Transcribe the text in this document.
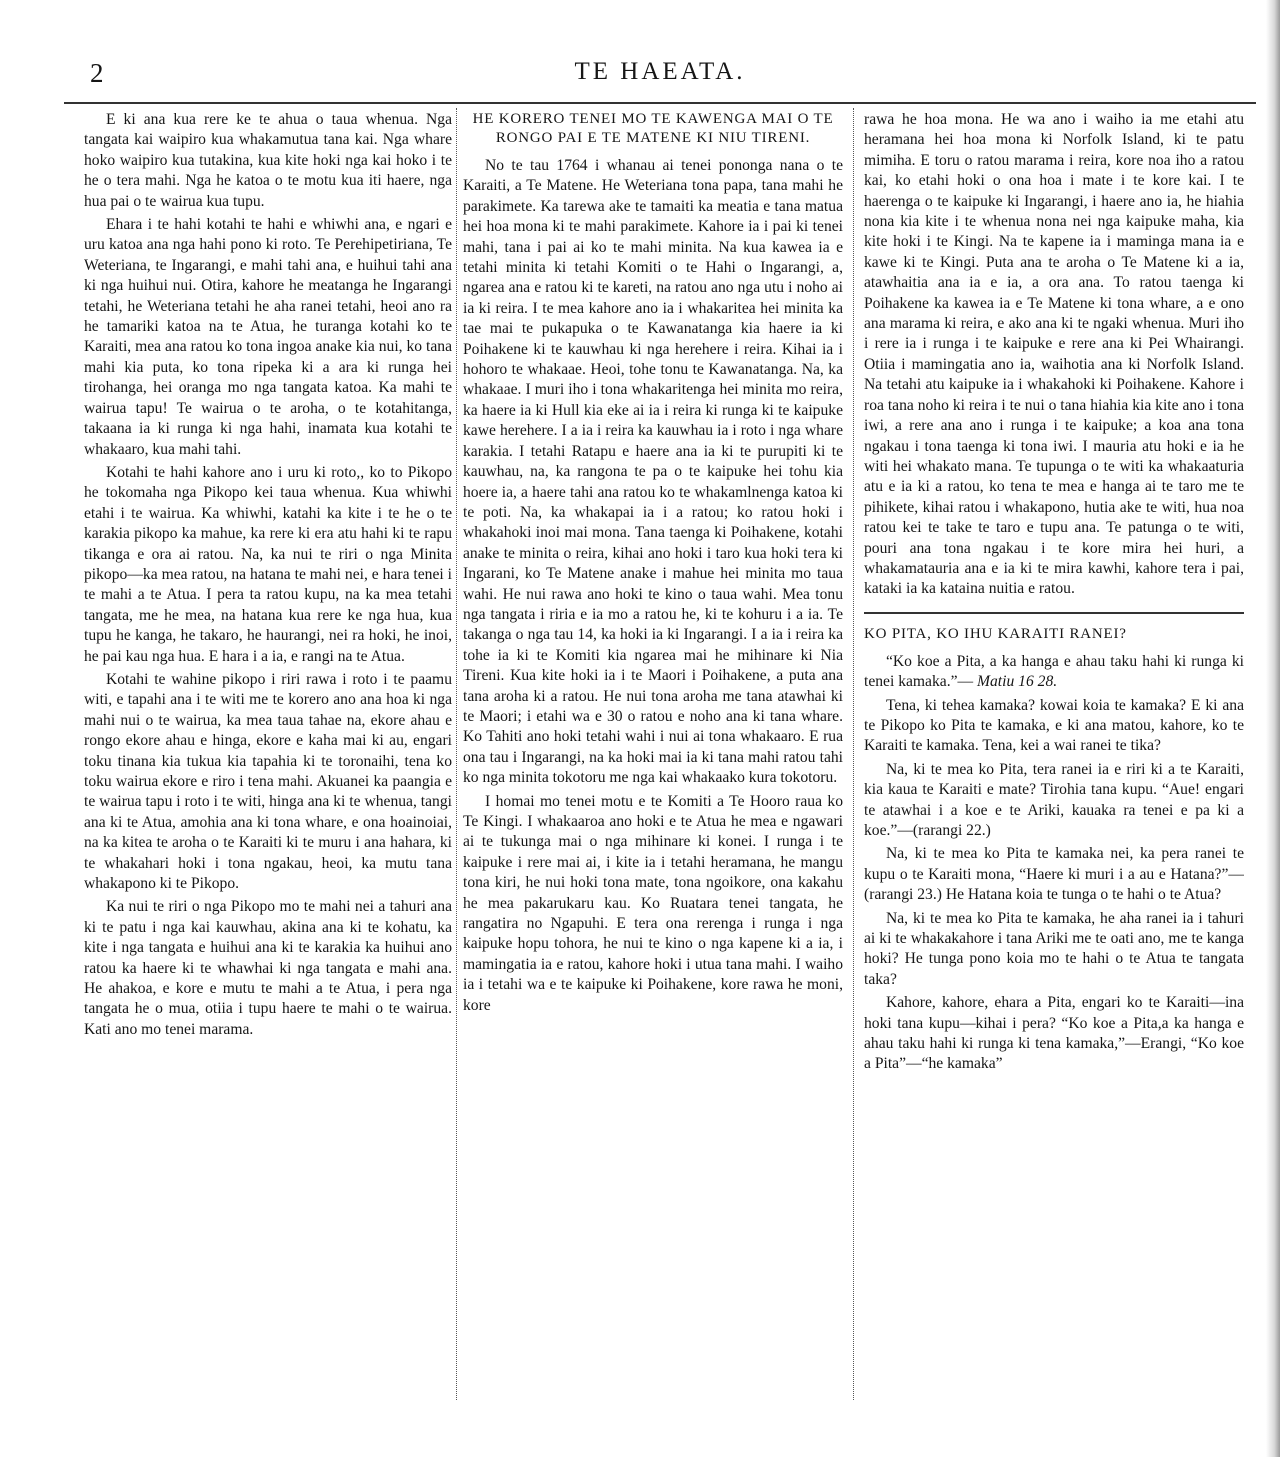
2	TE HAEATA.

E ki ana kua rere ke te ahua o taua whenua. Nga tangata kai waipiro kua whakamutua tana kai. Nga whare hoko waipiro kua tutakina, kua kite hoki nga kai hoko i te he o tera mahi. Nga he katoa o te motu kua iti haere, nga hua pai o te wairua kua tupu.

Ehara i te hahi kotahi te hahi e whiwhi ana, e ngari e uru katoa ana nga hahi pono ki roto. Te Perehipetiriana, Te Weteriana, te Ingarangi, e mahi tahi ana, e huihui tahi ana ki nga huihui nui. Otira, kahore he meatanga he Ingarangi tetahi, he Weteriana tetahi he aha ranei tetahi, heoi ano ra he tamariki katoa na te Atua, he turanga kotahi ko te Karaiti, mea ana ratou ko tona ingoa anake kia nui, ko tana mahi kia puta, ko tona ripeka ki a ara ki runga hei tirohanga, hei oranga mo nga tangata katoa. Ka mahi te wairua tapu! Te wairua o te aroha, o te kotahitanga, takaana ia ki runga ki nga hahi, inamata kua kotahi te whakaaro, kua mahi tahi.

Kotahi te hahi kahore ano i uru ki roto,, ko to Pikopo he tokomaha nga Pikopo kei taua whenua. Kua whiwhi etahi i te wairua. Ka whiwhi, katahi ka kite i te he o te karakia pikopo ka mahue, ka rere ki era atu hahi ki te rapu tikanga e ora ai ratou. Na, ka nui te riri o nga Minita pikopo—ka mea ratou, na hatana te mahi nei, e hara tenei i te mahi a te Atua. I pera ta ratou kupu, na ka mea tetahi tangata, me he mea, na hatana kua rere ke nga hua, kua tupu he kanga, he takaro, he haurangi, nei ra hoki, he inoi, he pai kau nga hua. E hara i a ia, e rangi na te Atua.

Kotahi te wahine pikopo i riri rawa i roto i te paamu witi, e tapahi ana i te witi me te korero ano ana hoa ki nga mahi nui o te wairua, ka mea taua tahae na, ekore ahau e rongo ekore ahau e hinga, ekore e kaha mai ki au, engari toku tinana kia tukua kia tapahia ki te toronaihi, tena ko toku wairua ekore e riro i tena mahi. Akuanei ka paangia e te wairua tapu i roto i te witi, hinga ana ki te whenua, tangi ana ki te Atua, amohia ana ki tona whare, e ona hoainoiai, na ka kitea te aroha o te Karaiti ki te muru i ana hahara, ki te whakahari hoki i tona ngakau, heoi, ka mutu tana whakapono ki te Pikopo.

Ka nui te riri o nga Pikopo mo te mahi nei a tahuri ana ki te patu i nga kai kauwhau, akina ana ki te kohatu, ka kite i nga tangata e huihui ana ki te karakia ka huihui ano ratou ka haere ki te whawhai ki nga tangata e mahi ana. He ahakoa, e kore e mutu te mahi a te Atua, i pera nga tangata he o mua, otiia i tupu haere te mahi o te wairua. Kati ano mo tenei marama.

HE KORERO TENEI MO TE KAWENGA MAI O TE RONGO PAI E TE MATENE KI NIU TIRENI.

No te tau 1764 i whanau ai tenei pononga nana o te Karaiti, a Te Matene. He Weteriana tona papa, tana mahi he parakimete. Ka tarewa ake te tamaiti ka meatia e tana matua hei hoa mona ki te mahi parakimete. Kahore ia i pai ki tenei mahi, tana i pai ai ko te mahi minita. Na kua kawea ia e tetahi minita ki tetahi Komiti o te Hahi o Ingarangi, a, ngarea ana e ratou ki te kareti, na ratou ano nga utu i noho ai ia ki reira. I te mea kahore ano ia i whakaritea hei minita ka tae mai te pukapuka o te Kawanatanga kia haere ia ki Poihakene ki te kauwhau ki nga herehere i reira. Kihai ia i hohoro te whakaae. Heoi, tohe tonu te Kawanatanga. Na, ka whakaae. I muri iho i tona whakaritenga hei minita mo reira, ka haere ia ki Hull kia eke ai ia i reira ki runga ki te kaipuke kawe herehere. I a ia i reira ka kauwhau ia i roto i nga whare karakia. I tetahi Ratapu e haere ana ia ki te purupiti ki te kauwhau, na, ka rangona te pa o te kaipuke hei tohu kia hoere ia, a haere tahi ana ratou ko te whakamlnenga katoa ki te poti. Na, ka whakapai ia i a ratou; ko ratou hoki i whakahoki inoi mai mona. Tana taenga ki Poihakene, kotahi anake te minita o reira, kihai ano hoki i taro kua hoki tera ki Ingarani, ko Te Matene anake i mahue hei minita mo taua wahi. He nui rawa ano hoki te kino o taua wahi. Mea tonu nga tangata i riria e ia mo a ratou he, ki te kohuru i a ia. Te takanga o nga tau 14, ka hoki ia ki Ingarangi. I a ia i reira ka tohe ia ki te Komiti kia ngarea mai he mihinare ki Nia Tireni. Kua kite hoki ia i te Maori i Poihakene, a puta ana tana aroha ki a ratou. He nui tona aroha me tana atawhai ki te Maori; i etahi wa e 30 o ratou e noho ana ki tana whare. Ko Tahiti ano hoki tetahi wahi i nui ai tona whakaaro. E rua ona tau i Ingarangi, na ka hoki mai ia ki tana mahi ratou tahi ko nga minita tokotoru me nga kai whakaako kura tokotoru.

I homai mo tenei motu e te Komiti a Te Hooro raua ko Te Kingi. I whakaaroa ano hoki e te Atua he mea e ngawari ai te tukunga mai o nga mihinare ki konei. I runga i te kaipuke i rere mai ai, i kite ia i tetahi heramana, he mangu tona kiri, he nui hoki tona mate, tona ngoikore, ona kakahu he mea pakarukaru kau. Ko Ruatara tenei tangata, he rangatira no Ngapuhi. E tera ona rerenga i runga i nga kaipuke hopu tohora, he nui te kino o nga kapene ki a ia, i mamingatia ia e ratou, kahore hoki i utua tana mahi. I waiho ia i tetahi wa e te kaipuke ki Poihakene, kore rawa he moni, kore

rawa he hoa mona. He wa ano i waiho ia me etahi atu heramana hei hoa mona ki Norfolk Island, ki te patu mimiha. E toru o ratou marama i reira, kore noa iho a ratou kai, ko etahi hoki o ona hoa i mate i te kore kai. I te haerenga o te kaipuke ki Ingarangi, i haere ano ia, he hiahia nona kia kite i te whenua nona nei nga kaipuke maha, kia kite hoki i te Kingi. Na te kapene ia i maminga mana ia e kawe ki te Kingi. Puta ana te aroha o Te Matene ki a ia, atawhaitia ana ia e ia, a ora ana. To ratou taenga ki Poihakene ka kawea ia e Te Matene ki tona whare, a e ono ana marama ki reira, e ako ana ki te ngaki whenua. Muri iho i rere ia i runga i te kaipuke e rere ana ki Pei Whairangi. Otiia i mamingatia ano ia, waihotia ana ki Norfolk Island. Na tetahi atu kaipuke ia i whakahoki ki Poihakene. Kahore i roa tana noho ki reira i te nui o tana hiahia kia kite ano i tona iwi, a rere ana ano i runga i te kaipuke; a koa ana tona ngakau i tona taenga ki tona iwi. I mauria atu hoki e ia he witi hei whakato mana. Te tupunga o te witi ka whakaaturia atu e ia ki a ratou, ko tena te mea e hanga ai te taro me te pihikete, kihai ratou i whakapono, hutia ake te witi, hua noa ratou kei te take te taro e tupu ana. Te patunga o te witi, pouri ana tona ngakau i te kore mira hei huri, a whakamatauria ana e ia ki te mira kawhi, kahore tera i pai, kataki ia ka kataina nuitia e ratou.

KO PITA, KO IHU KARAITI RANEI?

“Ko koe a Pita, a ka hanga e ahau taku hahi ki runga ki tenei kamaka.”— Matiu 16 28.

Tena, ki tehea kamaka? kowai koia te kamaka? E ki ana te Pikopo ko Pita te kamaka, e ki ana matou, kahore, ko te Karaiti te kamaka. Tena, kei a wai ranei te tika?

Na, ki te mea ko Pita, tera ranei ia e riri ki a te Karaiti, kia kaua te Karaiti e mate? Tirohia tana kupu. “Aue! engari te atawhai i a koe e te Ariki, kauaka ra tenei e pa ki a koe.”—(rarangi 22.)

Na, ki te mea ko Pita te kamaka nei, ka pera ranei te kupu o te Karaiti mona, “Haere ki muri i a au e Hatana?”—(rarangi 23.) He Hatana koia te tunga o te hahi o te Atua?

Na, ki te mea ko Pita te kamaka, he aha ranei ia i tahuri ai ki te whakakahore i tana Ariki me te oati ano, me te kanga hoki? He tunga pono koia mo te hahi o te Atua te tangata taka?

Kahore, kahore, ehara a Pita, engari ko te Karaiti—ina hoki tana kupu—kihai i pera? “Ko koe a Pita,a ka hanga e ahau taku hahi ki runga ki tena kamaka,”—Erangi, “Ko koe a Pita”—“he kamaka”
